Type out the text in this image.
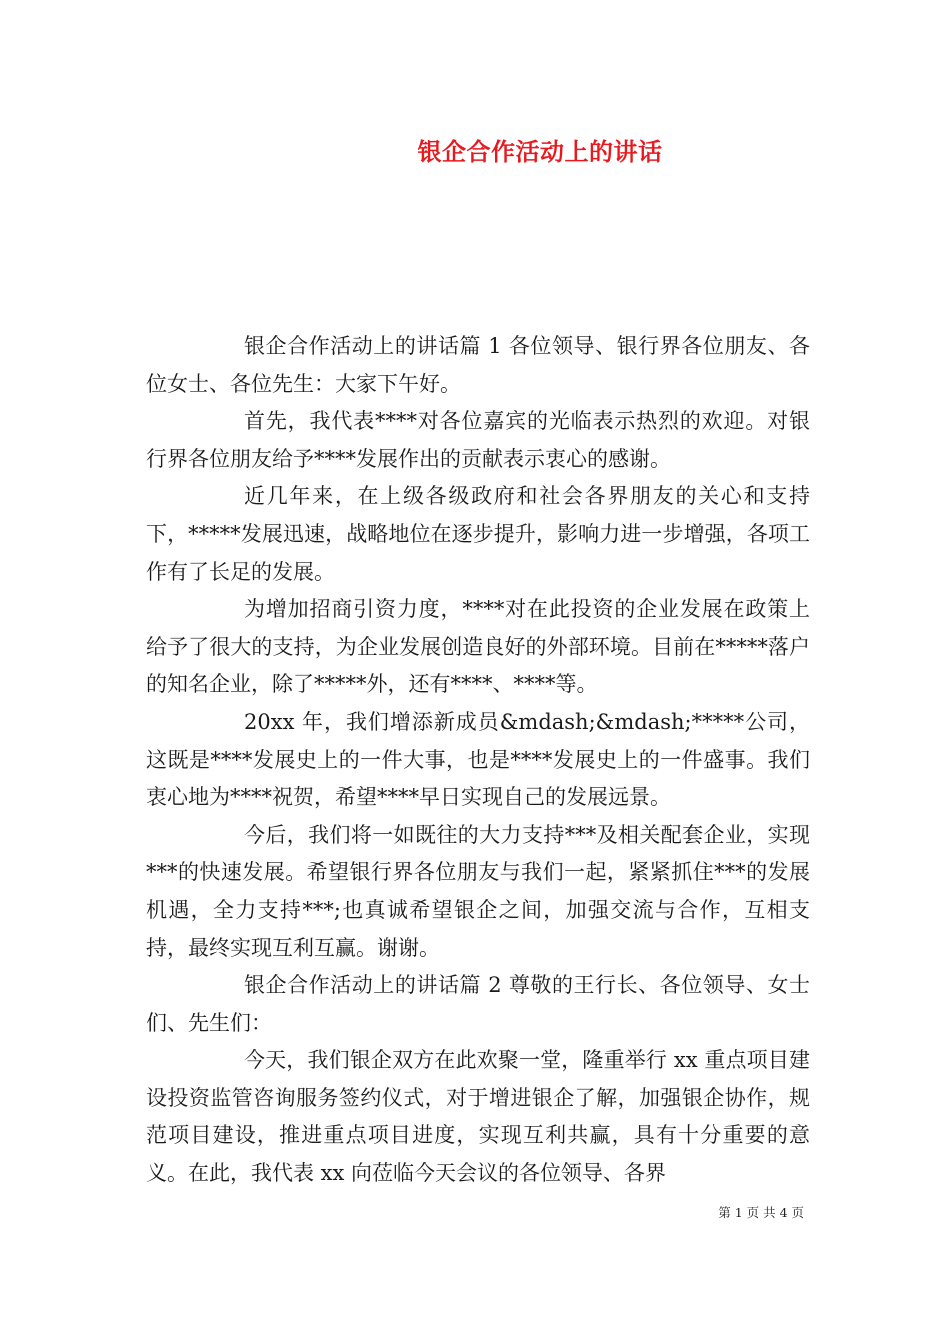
银企合作活动上的讲话

银企合作活动上的讲话篇 1 各位领导、银行界各位朋友、各位女士、各位先生：大家下午好。

首先，我代表****对各位嘉宾的光临表示热烈的欢迎。对银行界各位朋友给予****发展作出的贡献表示衷心的感谢。

近几年来，在上级各级政府和社会各界朋友的关心和支持下，*****发展迅速，战略地位在逐步提升，影响力进一步增强，各项工作有了长足的发展。

为增加招商引资力度，****对在此投资的企业发展在政策上给予了很大的支持，为企业发展创造良好的外部环境。目前在*****落户的知名企业，除了*****外，还有****、****等。

20xx 年，我们增添新成员&mdash;&mdash;*****公司，这既是****发展史上的一件大事，也是****发展史上的一件盛事。我们衷心地为****祝贺，希望****早日实现自己的发展远景。

今后，我们将一如既往的大力支持***及相关配套企业，实现***的快速发展。希望银行界各位朋友与我们一起，紧紧抓住***的发展机遇，全力支持***;也真诚希望银企之间，加强交流与合作，互相支持，最终实现互利互赢。谢谢。

银企合作活动上的讲话篇 2 尊敬的王行长、各位领导、女士们、先生们：

今天，我们银企双方在此欢聚一堂，隆重举行 xx 重点项目建设投资监管咨询服务签约仪式，对于增进银企了解，加强银企协作，规范项目建设，推进重点项目进度，实现互利共赢，具有十分重要的意义。在此，我代表 xx 向莅临今天会议的各位领导、各界

第 1 页 共 4 页
